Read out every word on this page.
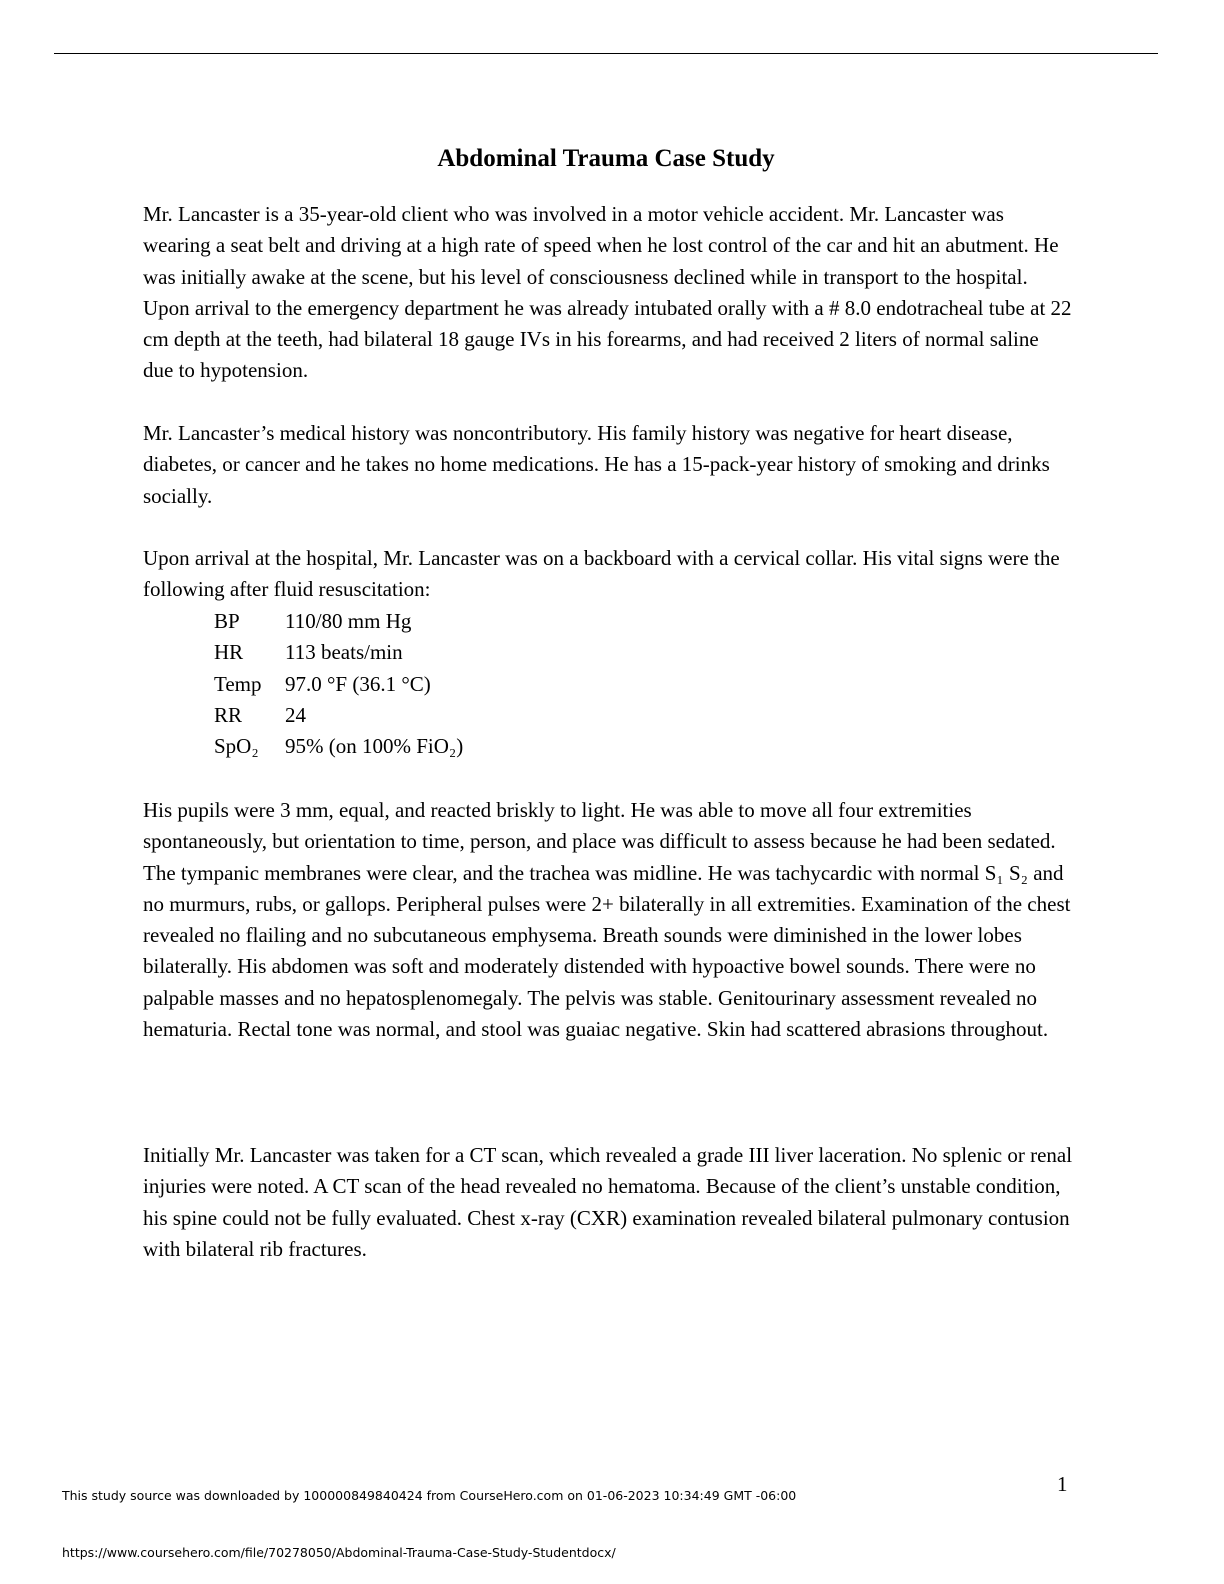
Abdominal Trauma Case Study

Mr. Lancaster is a 35-year-old client who was involved in a motor vehicle accident. Mr. Lancaster was wearing a seat belt and driving at a high rate of speed when he lost control of the car and hit an abutment. He was initially awake at the scene, but his level of consciousness declined while in transport to the hospital. Upon arrival to the emergency department he was already intubated orally with a # 8.0 endotracheal tube at 22 cm depth at the teeth, had bilateral 18 gauge IVs in his forearms, and had received 2 liters of normal saline due to hypotension.

Mr. Lancaster’s medical history was noncontributory. His family history was negative for heart disease, diabetes, or cancer and he takes no home medications. He has a 15-pack-year history of smoking and drinks socially.

Upon arrival at the hospital, Mr. Lancaster was on a backboard with a cervical collar. His vital signs were the following after fluid resuscitation:

BP	110/80 mm Hg
HR	113 beats/min
Temp	97.0 °F (36.1 °C)
RR	24
SpO₂	95% (on 100% FiO₂)

His pupils were 3 mm, equal, and reacted briskly to light. He was able to move all four extremities spontaneously, but orientation to time, person, and place was difficult to assess because he had been sedated. The tympanic membranes were clear, and the trachea was midline. He was tachycardic with normal S₁ S₂ and no murmurs, rubs, or gallops. Peripheral pulses were 2+ bilaterally in all extremities. Examination of the chest revealed no flailing and no subcutaneous emphysema. Breath sounds were diminished in the lower lobes bilaterally. His abdomen was soft and moderately distended with hypoactive bowel sounds. There were no palpable masses and no hepatosplenomegaly. The pelvis was stable. Genitourinary assessment revealed no hematuria. Rectal tone was normal, and stool was guaiac negative. Skin had scattered abrasions throughout.

Initially Mr. Lancaster was taken for a CT scan, which revealed a grade III liver laceration. No splenic or renal injuries were noted. A CT scan of the head revealed no hematoma. Because of the client’s unstable condition, his spine could not be fully evaluated. Chest x-ray (CXR) examination revealed bilateral pulmonary contusion with bilateral rib fractures.

1
This study source was downloaded by 100000849840424 from CourseHero.com on 01-06-2023 10:34:49 GMT -06:00
https://www.coursehero.com/file/70278050/Abdominal-Trauma-Case-Study-Studentdocx/
